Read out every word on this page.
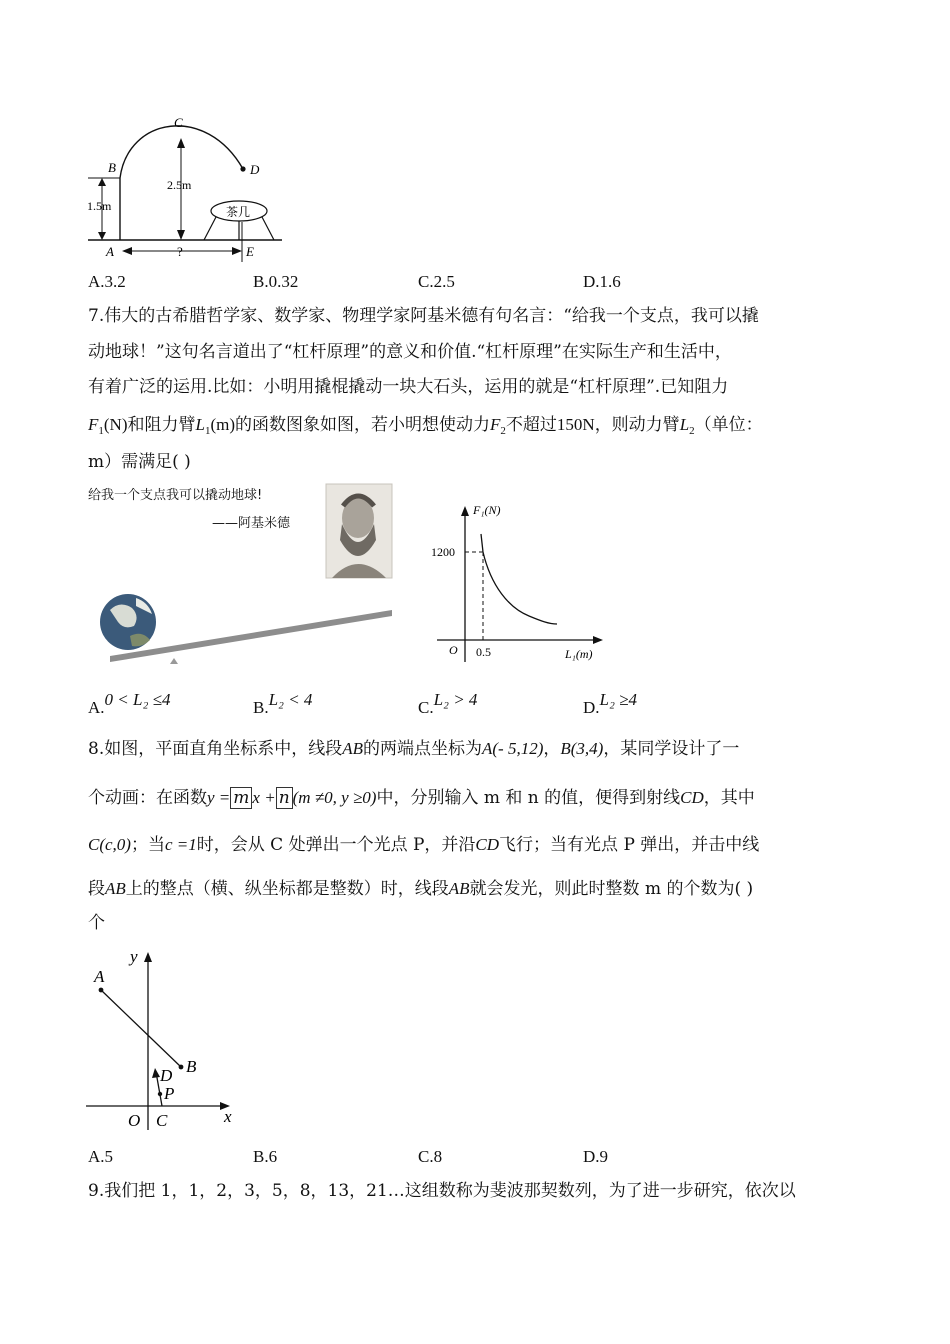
C
B	D
2.5m
1.5m	茶几
A	?	E
A.3.2	B.0.32	C.2.5	D.1.6
7.伟大的古希腊哲学家、数学家、物理学家阿基米德有句名言：“给我一个支点，我可以撬
动地球！”这句名言道出了“杠杆原理”的意义和价值.“杠杆原理”在实际生产和生活中，
有着广泛的运用.比如：小明用撬棍撬动一块大石头，运用的就是“杠杆原理”.已知阻力
$F_1(N)$和阻力臂$L_1(m)$的函数图象如图，若小明想使动力$F_2$不超过150N，则动力臂$L_2$（单位：
m）需满足( )
给我一个支点我可以撬动地球!
——阿基米德
F₁(N)
1200
O 0.5	L₁(m)
A.0 < L₂ ≤4	B.L₂ < 4	C.L₂ > 4	D.L₂ ≥4
8.如图，平面直角坐标系中，线段AB的两端点坐标为A(- 5,12)，B(3,4)，某同学设计了一
个动画：在函数y = m x + n (m ≠0, y ≥0)中，分别输入 m 和 n 的值，便得到射线CD，其中
C(c,0)；当c =1时，会从 C 处弹出一个光点 P，并沿CD飞行；当有光点 P 弹出，并击中线
段AB上的整点（横、纵坐标都是整数）时，线段AB就会发光，则此时整数 m 的个数为( )
个
y
A
B
D
P
O C	x
A.5	B.6	C.8	D.9
9.我们把 1，1，2，3，5，8，13，21…这组数称为斐波那契数列，为了进一步研究，依次以
